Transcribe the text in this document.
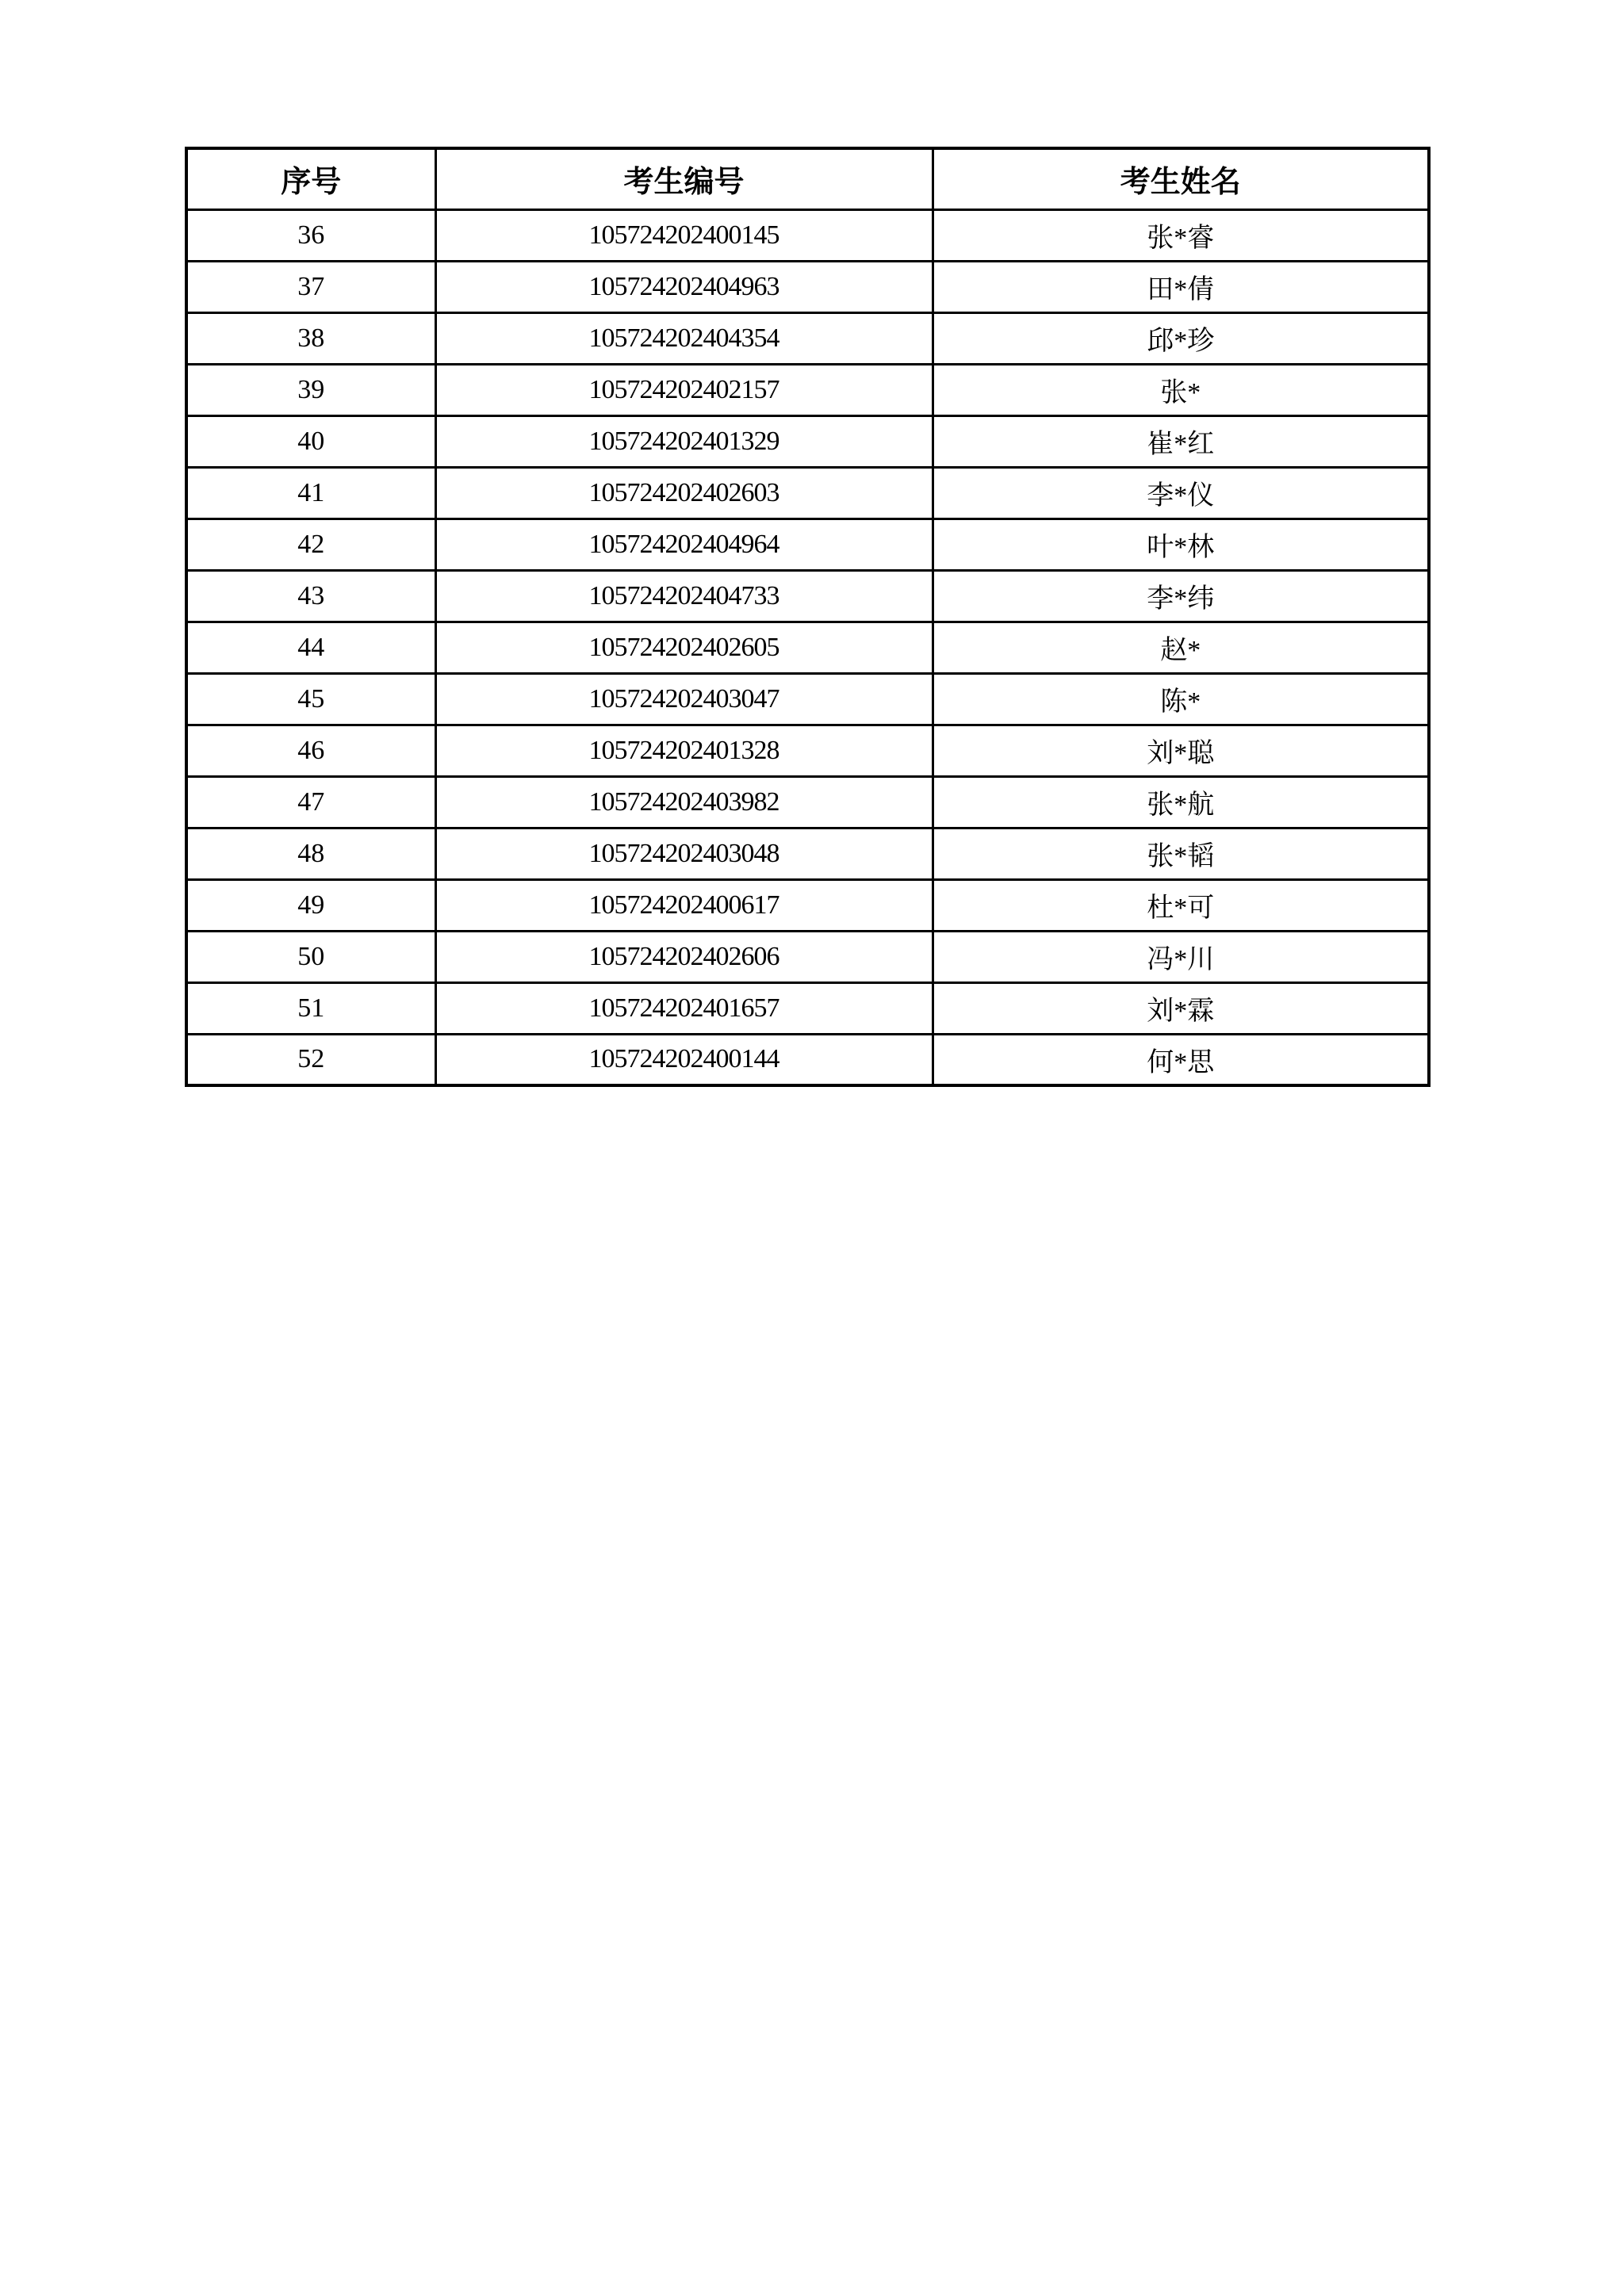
序号	考生编号	考生姓名
36	105724202400145	张*睿
37	105724202404963	田*倩
38	105724202404354	邱*珍
39	105724202402157	张*
40	105724202401329	崔*红
41	105724202402603	李*仪
42	105724202404964	叶*林
43	105724202404733	李*纬
44	105724202402605	赵*
45	105724202403047	陈*
46	105724202401328	刘*聪
47	105724202403982	张*航
48	105724202403048	张*韬
49	105724202400617	杜*可
50	105724202402606	冯*川
51	105724202401657	刘*霖
52	105724202400144	何*思
